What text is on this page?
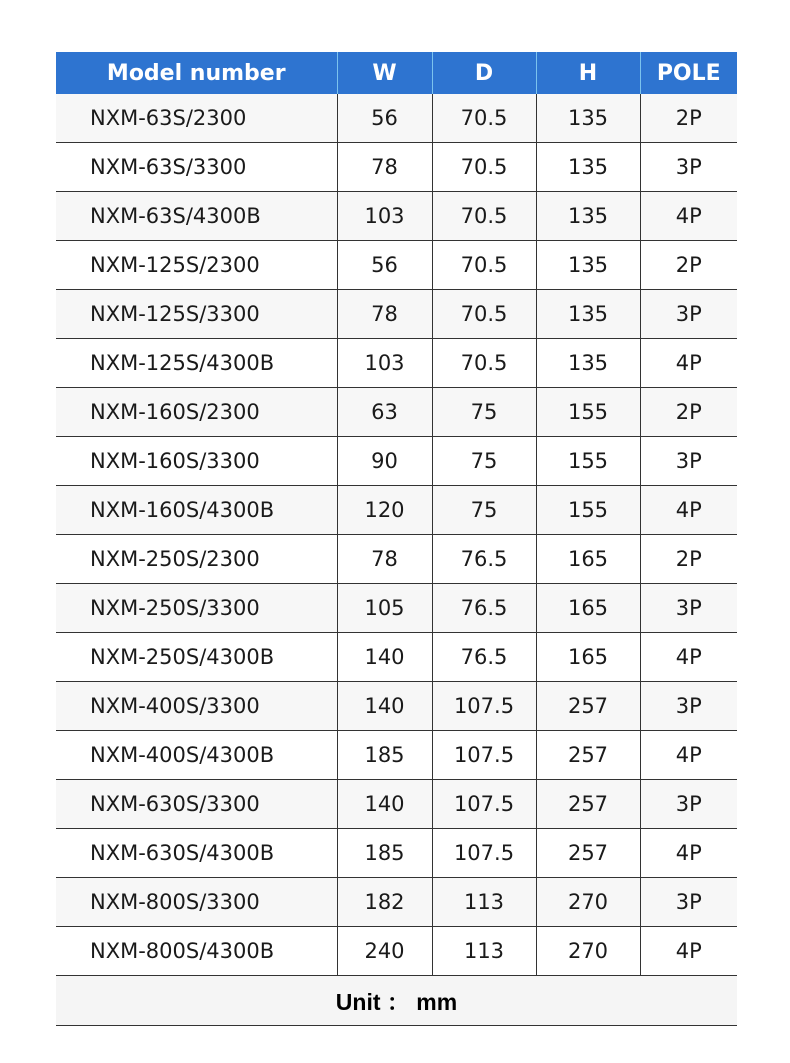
Model number	W	D	H	POLE
NXM-63S/2300	56	70.5	135	2P
NXM-63S/3300	78	70.5	135	3P
NXM-63S/4300B	103	70.5	135	4P
NXM-125S/2300	56	70.5	135	2P
NXM-125S/3300	78	70.5	135	3P
NXM-125S/4300B	103	70.5	135	4P
NXM-160S/2300	63	75	155	2P
NXM-160S/3300	90	75	155	3P
NXM-160S/4300B	120	75	155	4P
NXM-250S/2300	78	76.5	165	2P
NXM-250S/3300	105	76.5	165	3P
NXM-250S/4300B	140	76.5	165	4P
NXM-400S/3300	140	107.5	257	3P
NXM-400S/4300B	185	107.5	257	4P
NXM-630S/3300	140	107.5	257	3P
NXM-630S/4300B	185	107.5	257	4P
NXM-800S/3300	182	113	270	3P
NXM-800S/4300B	240	113	270	4P
Unit ： mm				
